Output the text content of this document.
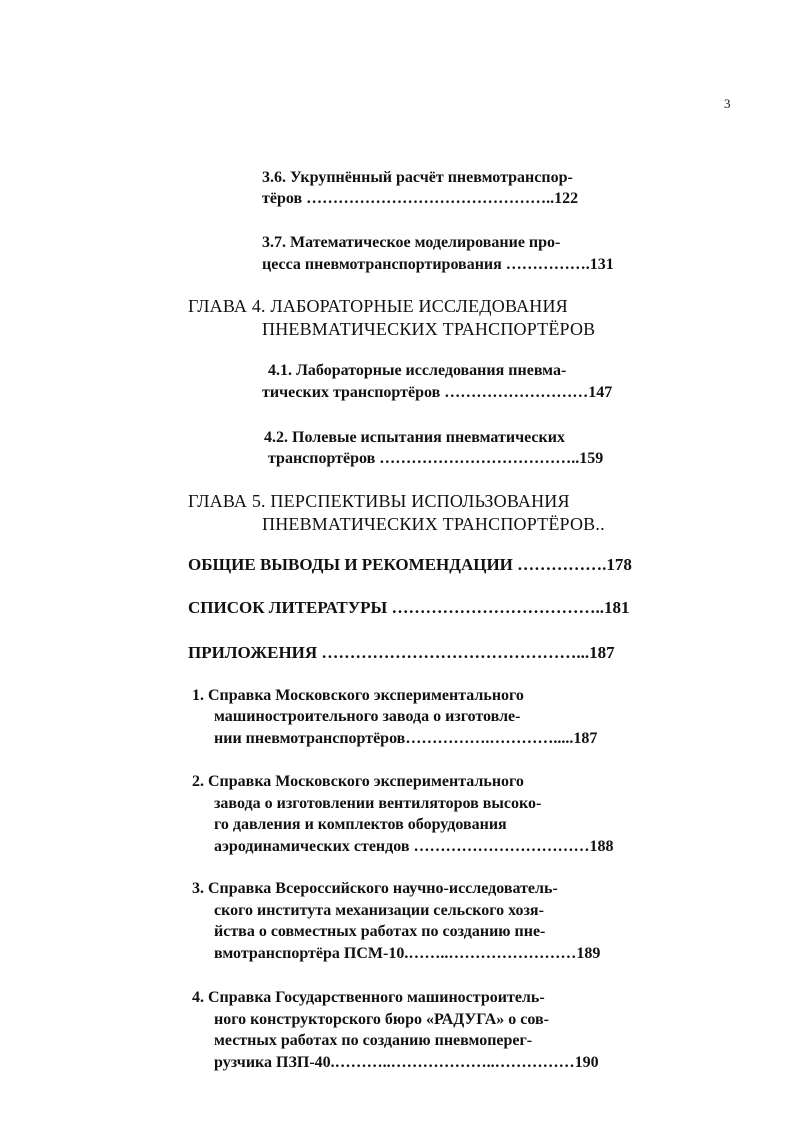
3
3.6. Укрупнённый расчёт пневмотранспор-
тёров ………………………………………..122
3.7. Математическое моделирование про-
цесса пневмотранспортирования …………….131
ГЛАВА 4. ЛАБОРАТОРНЫЕ ИССЛЕДОВАНИЯ
ПНЕВМАТИЧЕСКИХ ТРАНСПОРТЁРОВ
4.1. Лабораторные исследования пневма-
тических транспортёров ………………………147
4.2. Полевые испытания пневматических
транспортёров ………………………………..159
ГЛАВА 5. ПЕРСПЕКТИВЫ ИСПОЛЬЗОВАНИЯ
ПНЕВМАТИЧЕСКИХ ТРАНСПОРТЁРОВ..
ОБЩИЕ ВЫВОДЫ И РЕКОМЕНДАЦИИ …………….178
СПИСОК ЛИТЕРАТУРЫ ………………………………..181
ПРИЛОЖЕНИЯ ………………………………………...187
1. Справка Московского экспериментального
машиностроительного завода о изготовле-
нии пневмотранспортёров…………….………….....187
2. Справка Московского экспериментального
завода о изготовлении вентиляторов высоко-
го давления и комплектов оборудования
аэродинамических стендов ……………………………188
3. Справка Всероссийского научно-исследователь-
ского института механизации сельского хозя-
йства о совместных работах по созданию пне-
вмотранспортёра ПСМ-10.……..……………………189
4. Справка Государственного машиностроитель-
ного конструкторского бюро «РАДУГА» о сов-
местных работах по созданию пневмоперег-
рузчика ПЗП-40.………..………………..……………190
